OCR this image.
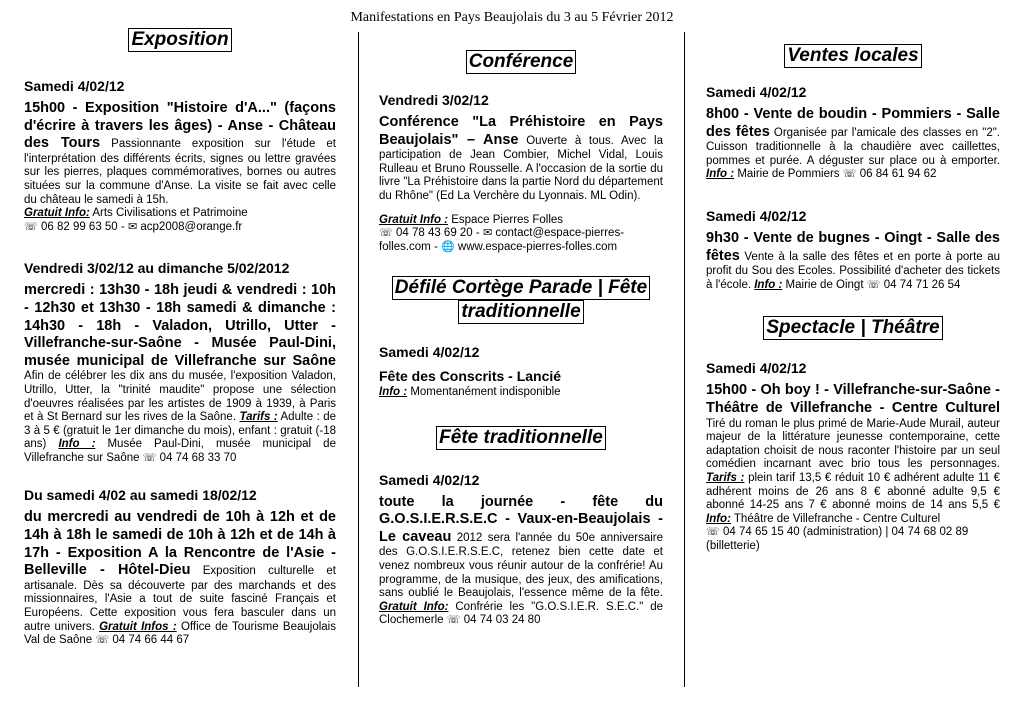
Manifestations en Pays Beaujolais du 3 au 5 Février 2012
Exposition
Samedi 4/02/12
15h00 - Exposition "Histoire d'A..." (façons d'écrire à travers les âges) - Anse - Château des Tours Passionnante exposition sur l'étude et l'interprétation des différents écrits, signes ou lettre gravées sur les pierres, plaques commémoratives, bornes ou autres situées sur la commune d'Anse. La visite se fait avec celle du château le samedi à 15h.
Gratuit Info: Arts Civilisations et Patrimoine
☏ 06 82 99 63 50 - ✉ acp2008@orange.fr
Vendredi 3/02/12 au dimanche 5/02/2012
mercredi : 13h30 - 18h jeudi & vendredi : 10h - 12h30 et 13h30 - 18h samedi & dimanche : 14h30 - 18h - Valadon, Utrillo, Utter - Villefranche-sur-Saône - Musée Paul-Dini, musée municipal de Villefranche sur Saône Afin de célébrer les dix ans du musée, l'exposition Valadon, Utrillo, Utter, la "trinité maudite" propose une sélection d'oeuvres réalisées par les artistes de 1909 à 1939, à Paris et à St Bernard sur les rives de la Saône. Tarifs : Adulte : de 3 à 5 € (gratuit le 1er dimanche du mois), enfant : gratuit (-18 ans) Info : Musée Paul-Dini, musée municipal de Villefranche sur Saône ☏ 04 74 68 33 70
Du samedi 4/02 au samedi 18/02/12
du mercredi au vendredi de 10h à 12h et de 14h à 18h le samedi de 10h à 12h et de 14h à 17h - Exposition A la Rencontre de l'Asie - Belleville - Hôtel-Dieu Exposition culturelle et artisanale. Dès sa découverte par des marchands et des missionnaires, l'Asie a tout de suite fasciné Français et Européens. Cette exposition vous fera basculer dans un autre univers. Gratuit Infos : Office de Tourisme Beaujolais Val de Saône ☏ 04 74 66 44 67
Conférence
Vendredi 3/02/12
Conférence "La Préhistoire en Pays Beaujolais" – Anse Ouverte à tous. Avec la participation de Jean Combier, Michel Vidal, Louis Rulleau et Bruno Rousselle. A l'occasion de la sortie du livre "La Préhistoire dans la partie Nord du département du Rhône" (Ed La Verchère du Lyonnais. ML Odin).
Gratuit Info : Espace Pierres Folles
☏ 04 78 43 69 20 - ✉ contact@espace-pierres-folles.com - 🌐 www.espace-pierres-folles.com
Défilé Cortège Parade | Fête
traditionnelle
Samedi 4/02/12
Fête des Conscrits - Lancié
Info : Momentanément indisponible
Fête traditionnelle
Samedi 4/02/12
toute la journée - fête du G.O.S.I.E.R.S.E.C - Vaux-en-Beaujolais - Le caveau 2012 sera l'année du 50e anniversaire des G.O.S.I.E.R.S.E.C, retenez bien cette date et venez nombreux vous réunir autour de la confrérie! Au programme, de la musique, des jeux, des amifications, sans oublié le Beaujolais, l'essence même de la fête. Gratuit Info: Confrérie les "G.O.S.I.E.R. S.E.C." de Clochemerle ☏ 04 74 03 24 80
Ventes locales
Samedi 4/02/12
8h00 - Vente de boudin - Pommiers - Salle des fêtes Organisée par l'amicale des classes en "2". Cuisson traditionnelle à la chaudière avec caillettes, pommes et purée. A déguster sur place ou à emporter. Info : Mairie de Pommiers ☏ 06 84 61 94 62
Samedi 4/02/12
9h30 - Vente de bugnes - Oingt - Salle des fêtes Vente à la salle des fêtes et en porte à porte au profit du Sou des Ecoles. Possibilité d'acheter des tickets à l'école. Info : Mairie de Oingt ☏ 04 74 71 26 54
Spectacle | Théâtre
Samedi 4/02/12
15h00 - Oh boy ! - Villefranche-sur-Saône - Théâtre de Villefranche - Centre Culturel Tiré du roman le plus primé de Marie-Aude Murail, auteur majeur de la littérature jeunesse contemporaine, cette adaptation choisit de nous raconter l'histoire par un seul comédien incarnant avec brio tous les personnages. Tarifs : plein tarif 13,5 € réduit 10 € adhérent adulte 11 € adhérent moins de 26 ans 8 € abonné adulte 9,5 € abonné 14-25 ans 7 € abonné moins de 14 ans 5,5 € Info: Théâtre de Villefranche - Centre Culturel
☏ 04 74 65 15 40 (administration) | 04 74 68 02 89 (billetterie)
